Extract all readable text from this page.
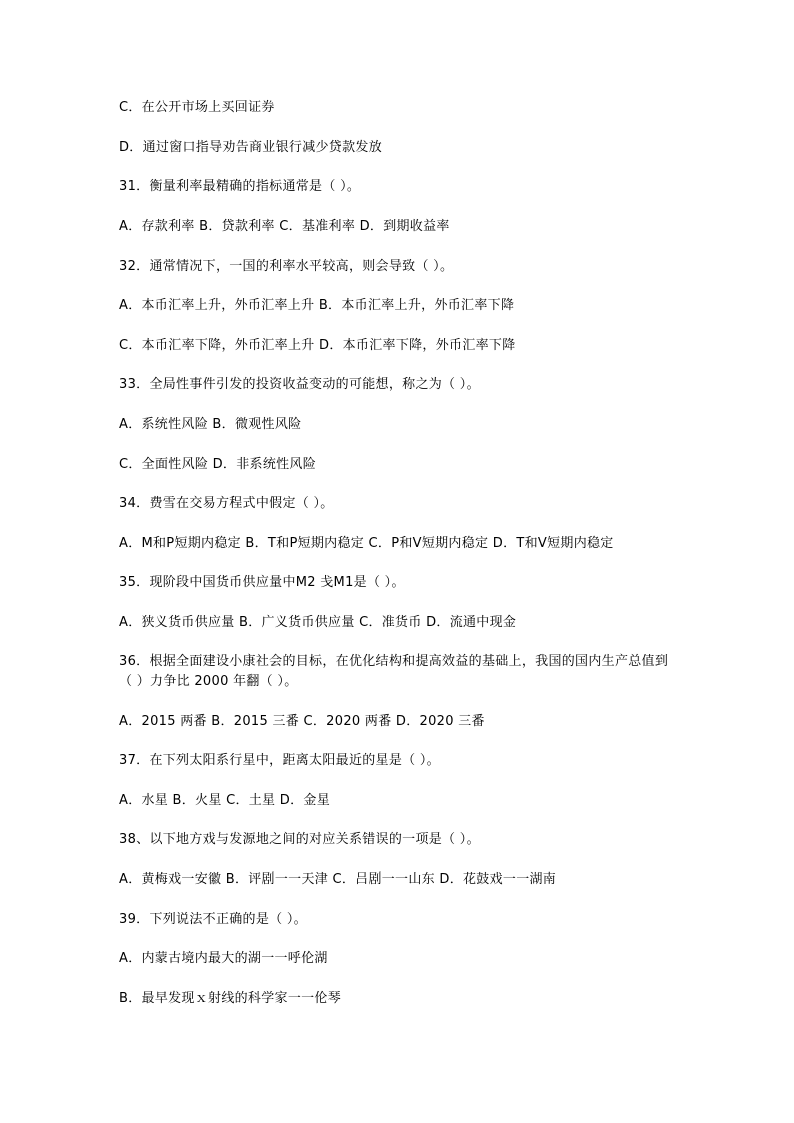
C．在公开市场上买回证券
D．通过窗口指导劝告商业银行减少贷款发放
31．衡量利率最精确的指标通常是（ ）。
A．存款利率 B．贷款利率 C．基准利率 D．到期收益率
32．通常情况下，一国的利率水平较高，则会导致（ ）。
A．本币汇率上升，外币汇率上升 B．本币汇率上升，外币汇率下降
C．本币汇率下降，外币汇率上升 D．本币汇率下降，外币汇率下降
33．全局性事件引发的投资收益变动的可能想，称之为（ ）。
A．系统性风险 B．微观性风险
C．全面性风险 D．非系统性风险
34．费雪在交易方程式中假定（ ）。
A．M和P短期内稳定 B．T和P短期内稳定 C．P和V短期内稳定 D．T和V短期内稳定
35．现阶段中国货币供应量中M2 戋M1是（ ）。
A．狭义货币供应量 B．广义货币供应量 C．准货币 D．流通中现金
36．根据全面建设小康社会的目标，在优化结构和提高效益的基础上，我国的国内生产总值到（ ）力争比 2000 年翻（ ）。
A．2015 两番 B．2015 三番 C．2020 两番 D．2020 三番
37．在下列太阳系行星中，距离太阳最近的星是（ ）。
A．水星 B．火星 C．土星 D．金星
38、以下地方戏与发源地之间的对应关系错误的一项是（ ）。
A．黄梅戏一安徽 B．评剧一一天津 C．吕剧一一山东 D．花鼓戏一一湖南
39．下列说法不正确的是（ ）。
A．内蒙古境内最大的湖一一呼伦湖
B．最早发现ｘ射线的科学家一一伦琴
